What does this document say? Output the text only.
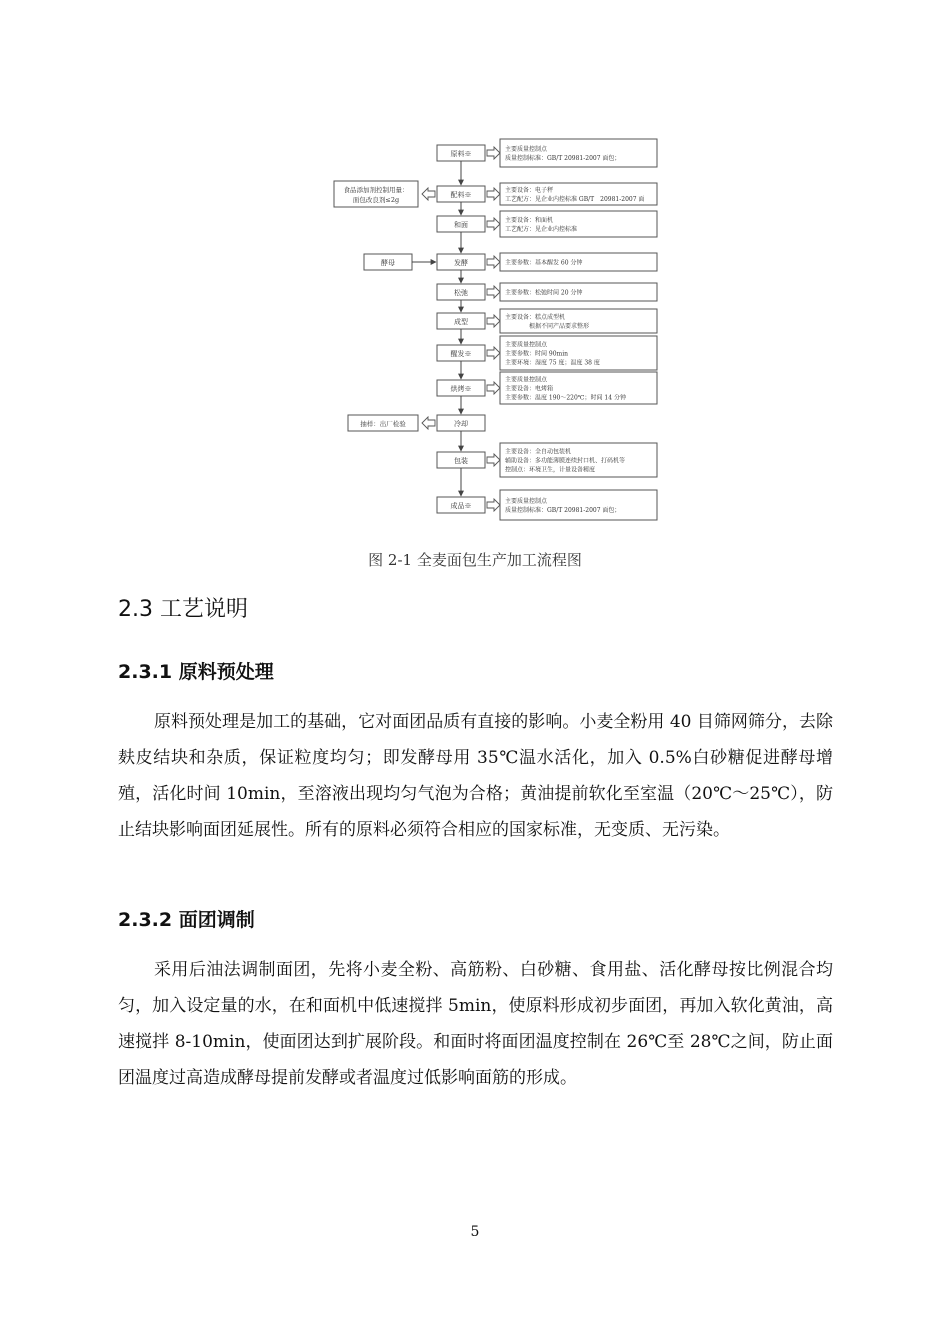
原料※
主要质量控制点
质量控制标准：GB/T 20981-2007 面包；
配料※
主要设备：电子秤
工艺配方：见企业内控标准 GB/T　20981-2007 面
和面
主要设备：和面机
工艺配方：见企业内控标准
发酵	主要参数：基本醒发 60 分钟
松弛	主要参数：松弛时间 20 分钟
成型
主要设备：糕点成型机
　　　　根据不同产品要求整形
醒发※
主要质量控制点
主要参数：时间 90min
主要环境：湿度 75 度；温度 38 度
烘烤※
主要质量控制点
主要设备：电烤箱
主要参数：温度 190～220℃；时间 14 分钟
冷却
包装
主要设备：全自动包装机
辅助设备：多功能薄膜连续封口机、打码机等
控制点：环境卫生，计量设备精度
成品※
主要质量控制点
质量控制标准：GB/T 20981-2007 面包；
食品添加剂控制用量：
面包改良剂≤2g
酵母
抽样：出厂检验
图 2-1 全麦面包生产加工流程图
2.3 工艺说明
2.3.1 原料预处理

原料预处理是加工的基础，它对面团品质有直接的影响。小麦全粉用 40 目筛网筛分，去除麸皮结块和杂质，保证粒度均匀；即发酵母用 35℃温水活化，加入 0.5%白砂糖促进酵母增殖，活化时间 10min，至溶液出现均匀气泡为合格；黄油提前软化至室温（20℃～25℃），防止结块影响面团延展性。所有的原料必须符合相应的国家标准，无变质、无污染。

2.3.2 面团调制

采用后油法调制面团，先将小麦全粉、高筋粉、白砂糖、食用盐、活化酵母按比例混合均匀，加入设定量的水，在和面机中低速搅拌 5min，使原料形成初步面团，再加入软化黄油，高速搅拌 8-10min，使面团达到扩展阶段。和面时将面团温度控制在 26℃至 28℃之间，防止面团温度过高造成酵母提前发酵或者温度过低影响面筋的形成。

5
